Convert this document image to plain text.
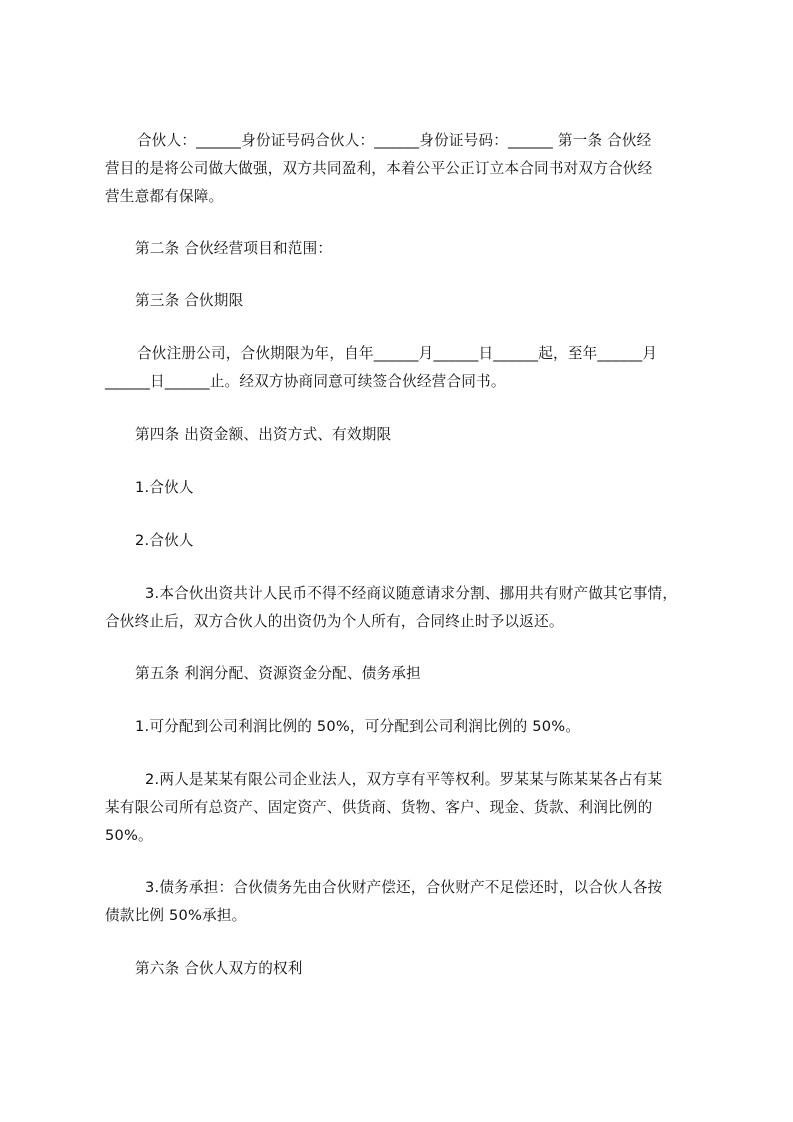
合伙人：______身份证号码合伙人：______身份证号码：______ 第一条 合伙经
营目的是将公司做大做强，双方共同盈利，本着公平公正订立本合同书对双方合伙经
营生意都有保障。
第二条 合伙经营项目和范围：
第三条 合伙期限
合伙注册公司，合伙期限为年，自年______月______日______起，至年______月
______日______止。经双方协商同意可续签合伙经营合同书。
第四条 出资金额、出资方式、有效期限
1.合伙人
2.合伙人
3.本合伙出资共计人民币不得不经商议随意请求分割、挪用共有财产做其它事情，
合伙终止后，双方合伙人的出资仍为个人所有，合同终止时予以返还。
第五条 利润分配、资源资金分配、债务承担
1.可分配到公司利润比例的 50%，可分配到公司利润比例的 50%。
2.两人是某某有限公司企业法人，双方享有平等权利。罗某某与陈某某各占有某
某有限公司所有总资产、固定资产、供货商、货物、客户、现金、货款、利润比例的
50%。
3.债务承担：合伙债务先由合伙财产偿还，合伙财产不足偿还时，以合伙人各按
债款比例 50%承担。
第六条 合伙人双方的权利
